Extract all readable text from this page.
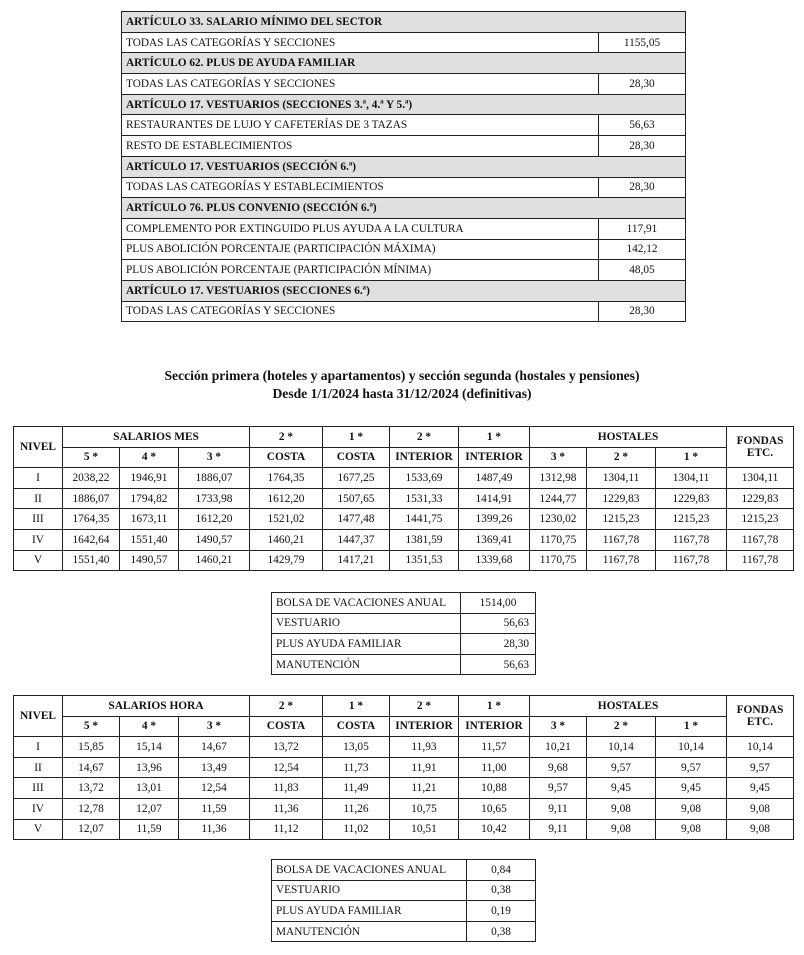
ARTÍCULO 33. SALARIO MÍNIMO DEL SECTOR	
TODAS LAS CATEGORÍAS Y SECCIONES	1155,05
ARTÍCULO 62. PLUS DE AYUDA FAMILIAR	
TODAS LAS CATEGORÍAS Y SECCIONES	28,30
ARTÍCULO 17. VESTUARIOS (SECCIONES 3.ª, 4.ª Y 5.ª)	
RESTAURANTES DE LUJO Y CAFETERÍAS DE 3 TAZAS	56,63
RESTO DE ESTABLECIMIENTOS	28,30
ARTÍCULO 17. VESTUARIOS (SECCIÓN 6.ª)	
TODAS LAS CATEGORÍAS Y ESTABLECIMIENTOS	28,30
ARTÍCULO 76. PLUS CONVENIO (SECCIÓN 6.ª)	
COMPLEMENTO POR EXTINGUIDO PLUS AYUDA A LA CULTURA	117,91
PLUS ABOLICIÓN PORCENTAJE (PARTICIPACIÓN MÁXIMA)	142,12
PLUS ABOLICIÓN PORCENTAJE (PARTICIPACIÓN MÍNIMA)	48,05
ARTÍCULO 17. VESTUARIOS (SECCIONES 6.ª)	
TODAS LAS CATEGORÍAS Y SECCIONES	28,30
Sección primera (hoteles y apartamentos) y sección segunda (hostales y pensiones)
Desde 1/1/2024 hasta 31/12/2024 (definitivas)
NIVEL	SALARIOS MES			2 *	1 *	2 *	1 *	HOSTALES			FONDAS ETC.
	5 *	4 *	3 *	COSTA	COSTA	INTERIOR	INTERIOR	3 *	2 *	1 *	
I	2038,22	1946,91	1886,07	1764,35	1677,25	1533,69	1487,49	1312,98	1304,11	1304,11	1304,11
II	1886,07	1794,82	1733,98	1612,20	1507,65	1531,33	1414,91	1244,77	1229,83	1229,83	1229,83
III	1764,35	1673,11	1612,20	1521,02	1477,48	1441,75	1399,26	1230,02	1215,23	1215,23	1215,23
IV	1642,64	1551,40	1490,57	1460,21	1447,37	1381,59	1369,41	1170,75	1167,78	1167,78	1167,78
V	1551,40	1490,57	1460,21	1429,79	1417,21	1351,53	1339,68	1170,75	1167,78	1167,78	1167,78
BOLSA DE VACACIONES ANUAL	1514,00
VESTUARIO	56,63
PLUS AYUDA FAMILIAR	28,30
MANUTENCIÓN	56,63
NIVEL	SALARIOS HORA			2 *	1 *	2 *	1 *	HOSTALES			FONDAS ETC.
	5 *	4 *	3 *	COSTA	COSTA	INTERIOR	INTERIOR	3 *	2 *	1 *	
I	15,85	15,14	14,67	13,72	13,05	11,93	11,57	10,21	10,14	10,14	10,14
II	14,67	13,96	13,49	12,54	11,73	11,91	11,00	9,68	9,57	9,57	9,57
III	13,72	13,01	12,54	11,83	11,49	11,21	10,88	9,57	9,45	9,45	9,45
IV	12,78	12,07	11,59	11,36	11,26	10,75	10,65	9,11	9,08	9,08	9,08
V	12,07	11,59	11,36	11,12	11,02	10,51	10,42	9,11	9,08	9,08	9,08
BOLSA DE VACACIONES ANUAL	0,84
VESTUARIO	0,38
PLUS AYUDA FAMILIAR	0,19
MANUTENCIÓN	0,38
